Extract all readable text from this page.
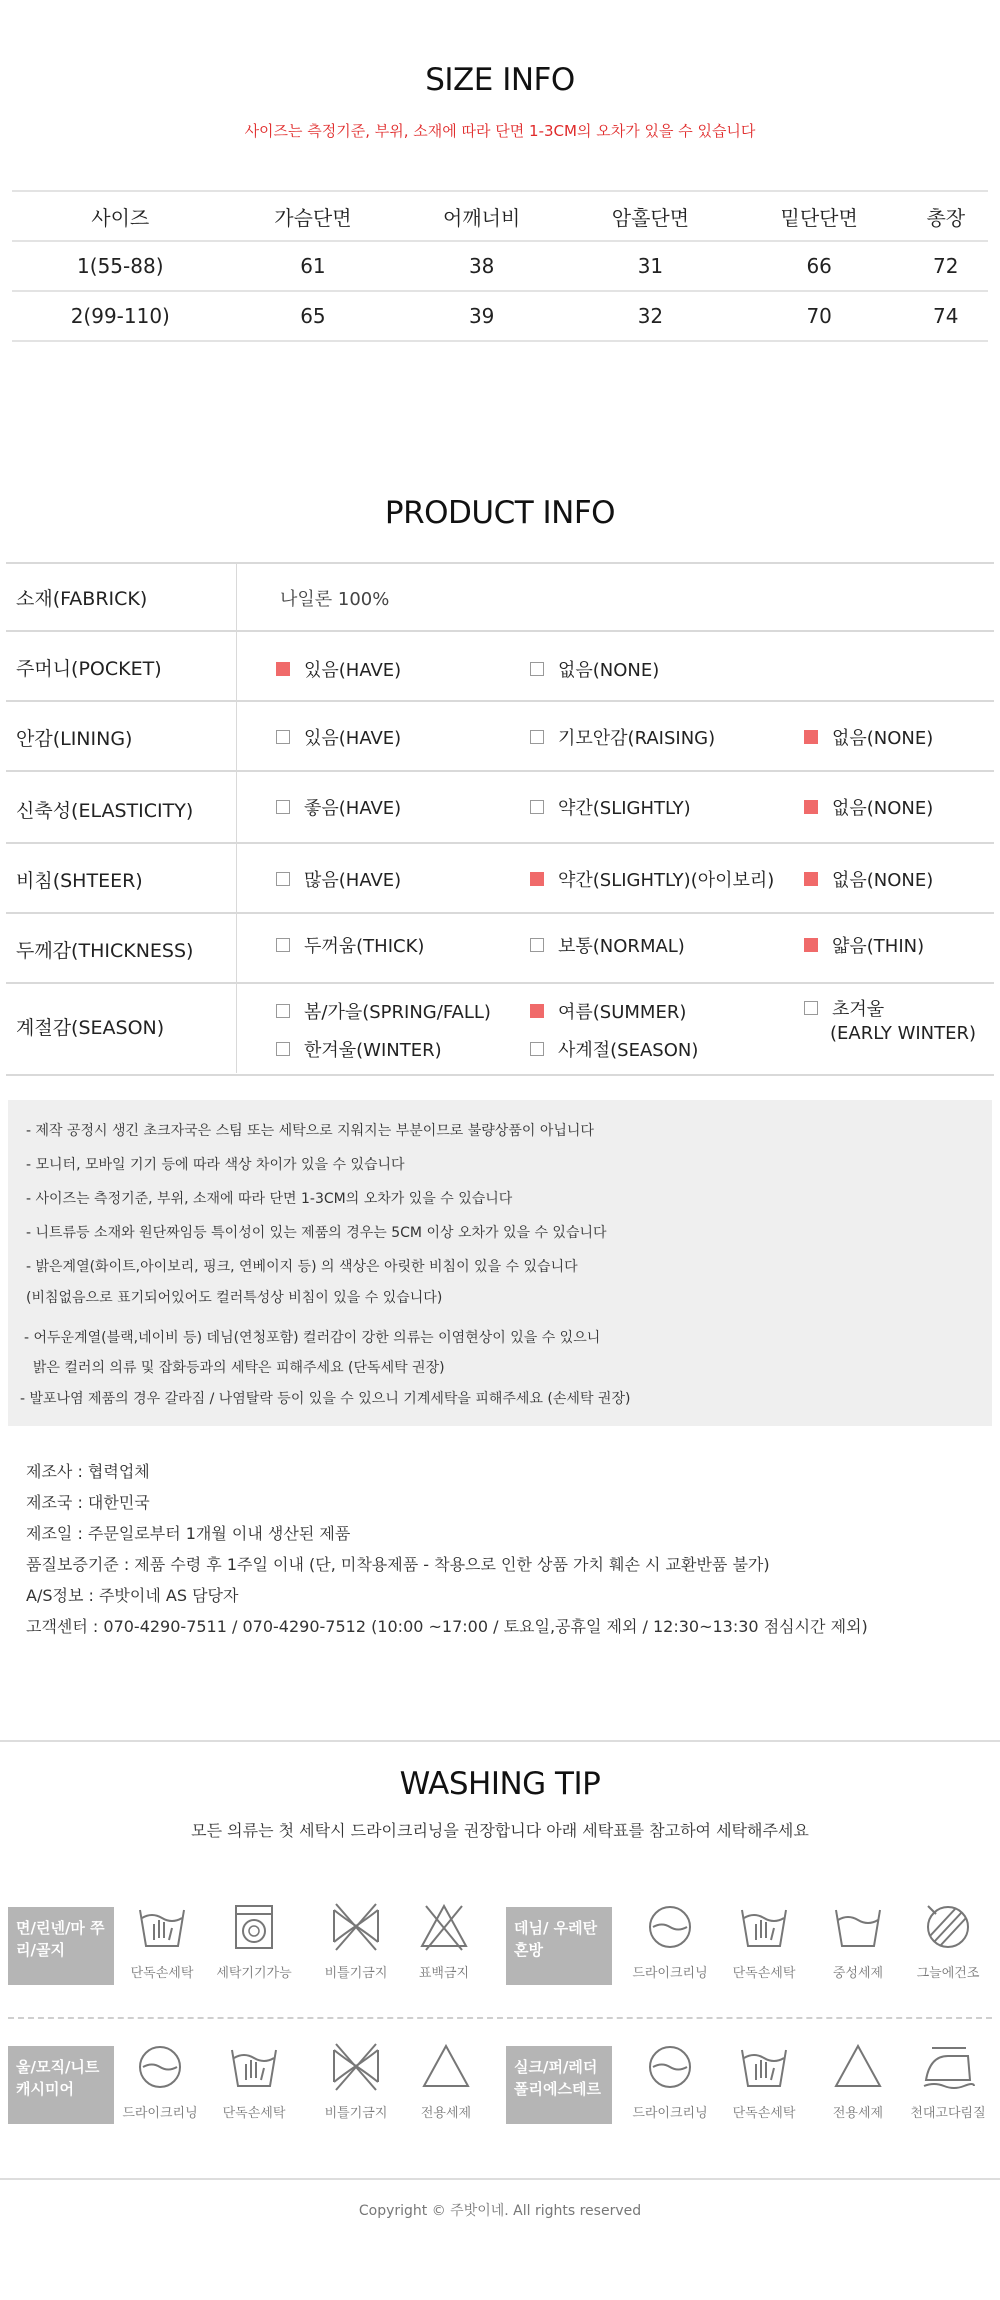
SIZE INFO
사이즈는 측정기준, 부위, 소재에 따라 단면 1-3CM의 오차가 있을 수 있습니다
사이즈	가슴단면	어깨너비	암홀단면	밑단단면	총장
1(55-88)	61	38	31	66	72
2(99-110)	65	39	32	70	74
PRODUCT INFO
소재(FABRICK)	나일론 100%
주머니(POCKET)	있음(HAVE)	없음(NONE)
안감(LINING)	있음(HAVE)	기모안감(RAISING)	없음(NONE)
신축성(ELASTICITY)	좋음(HAVE)	약간(SLIGHTLY)	없음(NONE)
비침(SHTEER)	많음(HAVE)	약간(SLIGHTLY)(아이보리)	없음(NONE)
두께감(THICKNESS)	두꺼움(THICK)	보통(NORMAL)	얇음(THIN)
계절감(SEASON)
봄/가을(SPRING/FALL)	여름(SUMMER)	초겨울
(EARLY WINTER)
한겨울(WINTER)	사계절(SEASON)
- 제작 공정시 생긴 초크자국은 스팀 또는 세탁으로 지워지는 부분이므로 불량상품이 아닙니다
- 모니터, 모바일 기기 등에 따라 색상 차이가 있을 수 있습니다
- 사이즈는 측정기준, 부위, 소재에 따라 단면 1-3CM의 오차가 있을 수 있습니다
- 니트류등 소재와 원단짜임등 특이성이 있는 제품의 경우는 5CM 이상 오차가 있을 수 있습니다
- 밝은계열(화이트,아이보리, 핑크, 연베이지 등) 의 색상은 아릿한 비침이 있을 수 있습니다
(비침없음으로 표기되어있어도 컬러특성상 비침이 있을 수 있습니다)
- 어두운계열(블랙,네이비 등) 데님(연청포함) 컬러감이 강한 의류는 이염현상이 있을 수 있으니
밝은 컬러의 의류 및 잡화등과의 세탁은 피해주세요 (단독세탁 권장)
- 발포나염 제품의 경우 갈라짐 / 나염탈락 등이 있을 수 있으니 기계세탁을 피해주세요 (손세탁 권장)
제조사 : 협력업체
제조국 : 대한민국
제조일 : 주문일로부터 1개월 이내 생산된 제품
품질보증기준 : 제품 수령 후 1주일 이내 (단, 미착용제품 - 착용으로 인한 상품 가치 훼손 시 교환반품 불가)
A/S정보 : 주밧이네 AS 담당자
고객센터 : 070-4290-7511 / 070-4290-7512 (10:00 ~17:00 / 토요일,공휴일 제외 / 12:30~13:30 점심시간 제외)
WASHING TIP
모든 의류는 첫 세탁시 드라이크리닝을 권장합니다 아래 세탁표를 참고하여 세탁해주세요
면/린넨/마 쭈리/골지
단독손세탁	세탁기기가능	비틀기금지	표백금지
데님/ 우레탄 혼방
드라이크리닝	단독손세탁	중성세제	그늘에건조
울/모직/니트 캐시미어
드라이크리닝	단독손세탁	비틀기금지	전용세제
실크/퍼/레더 폴리에스테르
드라이크리닝	단독손세탁	전용세제	천대고다림질
Copyright © 주밧이네. All rights reserved
